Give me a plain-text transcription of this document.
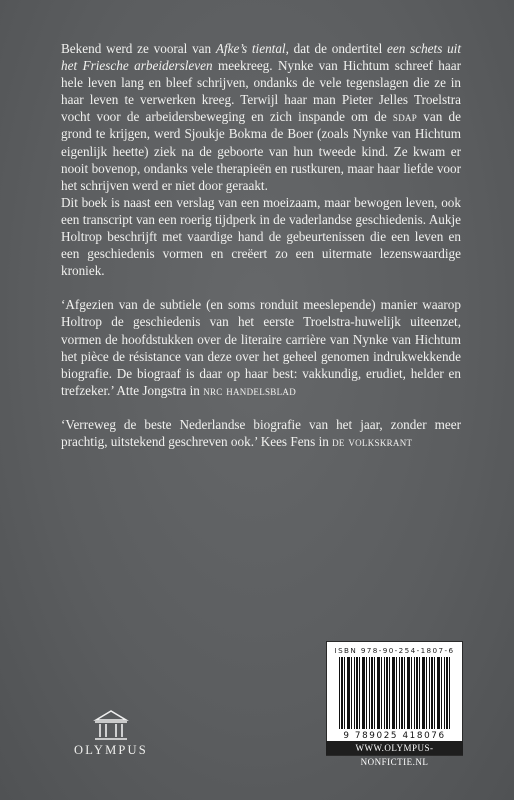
Bekend werd ze vooral van Afke’s tiental, dat de ondertitel een schets uit het Friesche arbeidersleven meekreeg. Nynke van Hichtum schreef haar hele leven lang en bleef schrijven, ondanks de vele tegenslagen die ze in haar leven te verwerken kreeg. Terwijl haar man Pieter Jelles Troelstra vocht voor de arbeidersbeweging en zich inspande om de sdap van de grond te krijgen, werd Sjoukje Bokma de Boer (zoals Nynke van Hichtum eigenlijk heette) ziek na de geboorte van hun tweede kind. Ze kwam er nooit bovenop, ondanks vele therapieën en rustkuren, maar haar liefde voor het schrijven werd er niet door geraakt.

Dit boek is naast een verslag van een moeizaam, maar bewogen leven, ook een transcript van een roerig tijdperk in de vaderlandse geschiedenis. Aukje Holtrop beschrijft met vaardige hand de gebeurtenissen die een leven en een geschiedenis vormen en creëert zo een uitermate lezenswaardige kroniek.

‘Afgezien van de subtiele (en soms ronduit meeslepende) manier waarop Holtrop de geschiedenis van het eerste Troelstra-huwelijk uiteenzet, vormen de hoofdstukken over de literaire carrière van Nynke van Hichtum het pièce de résistance van deze over het geheel genomen indrukwekkende biografie. De biograaf is daar op haar best: vakkundig, erudiet, helder en trefzeker.’ Atte Jongstra in nrc handelsblad

‘Verreweg de beste Nederlandse biografie van het jaar, zonder meer prachtig, uitstekend geschreven ook.’ Kees Fens in de volkskrant

OLYMPUS
ISBN 978-90-254-1807-6
9 789025 418076
WWW.OLYMPUS-NONFICTIE.NL
